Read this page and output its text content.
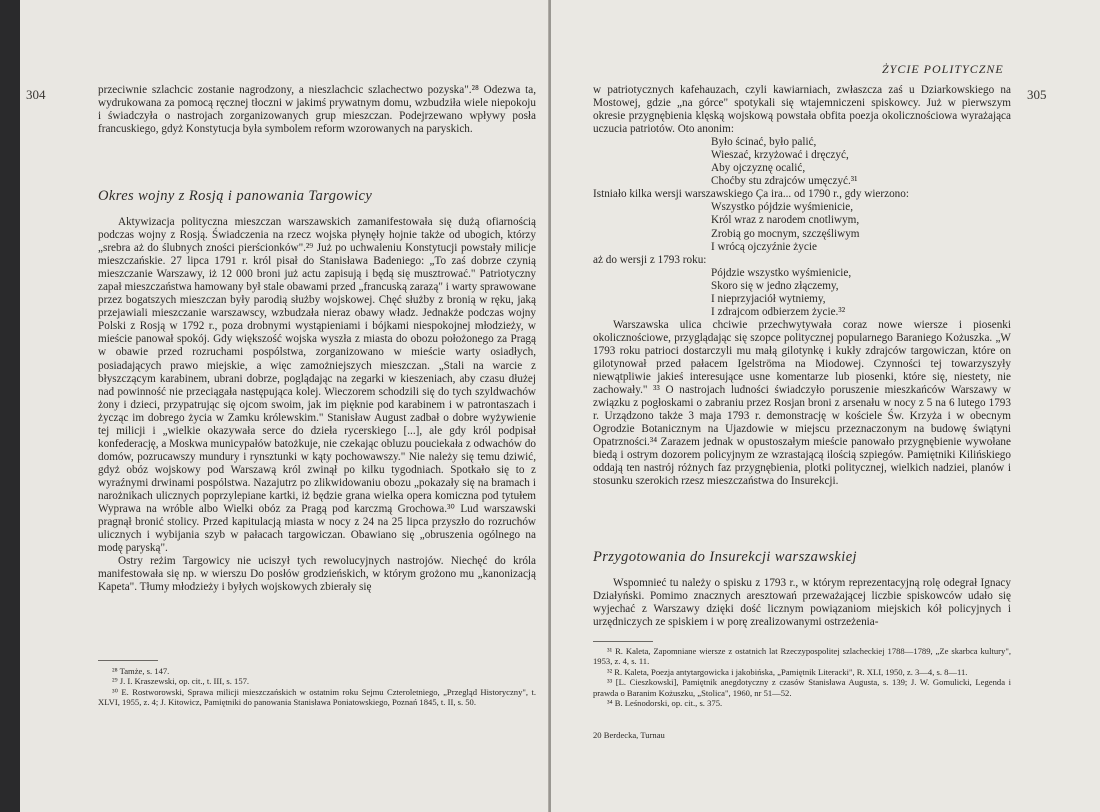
304	przeciwnie szlachcic zostanie nagrodzony, a nieszlachcic szlachectwo pozyska".²⁸ Odezwa ta, wydrukowana za pomocą ręcznej tłoczni w jakimś prywatnym domu, wzbudziła wiele niepokoju i świadczyła o nastrojach zorganizowanych grup mieszczan. Podejrzewano wpływy posła francuskiego, gdyż Konstytucja była symbolem reform wzorowanych na paryskich.

Okres wojny z Rosją i panowania Targowicy

Aktywizacja polityczna mieszczan warszawskich zamanifestowała się dużą ofiarnością podczas wojny z Rosją. Świadczenia na rzecz wojska płynęły hojnie także od ubogich, którzy „srebra aż do ślubnych zności pierścionków".²⁹ Już po uchwaleniu Konstytucji powstały milicje mieszczańskie. 27 lipca 1791 r. król pisał do Stanisława Badeniego: „To zaś dobrze czynią mieszczanie Warszawy, iż 12 000 broni już actu zapisują i będą się musztrować." Patriotyczny zapał mieszczaństwa hamowany był stale obawami przed „francuską zarazą" i warty sprawowane przez bogatszych mieszczan były parodią służby wojskowej. Chęć służby z bronią w ręku, jaką przejawiali mieszczanie warszawscy, wzbudzała nieraz obawy władz. Jednakże podczas wojny Polski z Rosją w 1792 r., poza drobnymi wystąpieniami i bójkami niespokojnej młodzieży, w mieście panował spokój. Gdy większość wojska wyszła z miasta do obozu położonego za Pragą w obawie przed rozruchami pospólstwa, zorganizowano w mieście warty osiadłych, posiadających prawo miejskie, a więc zamożniejszych mieszczan. „Stali na warcie z błyszczącym karabinem, ubrani dobrze, poglądając na zegarki w kieszeniach, aby czasu dłużej nad powinność nie przeciągała następująca kolej. Wieczorem schodzili się do tych szyldwachów żony i dzieci, przypatrując się ojcom swoim, jak im pięknie pod karabinem i w patrontaszach i życząc im dobrego życia w Zamku królewskim." Stanisław August zadbał o dobre wyżywienie tej milicji i „wielkie okazywała serce do dzieła rycerskiego [...], ale gdy król podpisał konfederację, a Moskwa municypałów batożkuje, nie czekając obluzu pouciekała z odwachów do domów, pozrucawszy mundury i rynsztunki w kąty pochowawszy." Nie należy się temu dziwić, gdyż obóz wojskowy pod Warszawą król zwinął po kilku tygodniach. Spotkało się to z wyraźnymi drwinami pospólstwa. Nazajutrz po zlikwidowaniu obozu „pokazały się na bramach i narożnikach ulicznych poprzylepiane kartki, iż będzie grana wielka opera komiczna pod tytułem Wyprawa na wróble albo Wielki obóz za Pragą pod karczmą Grochowa.³⁰ Lud warszawski pragnął bronić stolicy. Przed kapitulacją miasta w nocy z 24 na 25 lipca przyszło do rozruchów ulicznych i wybijania szyb w pałacach targowiczan. Obawiano się „obruszenia ogólnego na modę paryską".

Ostry reżim Targowicy nie uciszył tych rewolucyjnych nastrojów. Niechęć do króla manifestowała się np. w wierszu Do posłów grodzieńskich, w którym grożono mu „kanonizacją Kapeta". Tłumy młodzieży i byłych wojskowych zbierały się

²⁸ Tamże, s. 147.

²⁹ J. I. Kraszewski, op. cit., t. III, s. 157.

³⁰ E. Rostworowski, Sprawa milicji mieszczańskich w ostatnim roku Sejmu Czteroletniego, „Przegląd Historyczny", t. XLVI, 1955, z. 4; J. Kitowicz, Pamiętniki do panowania Stanisława Poniatowskiego, Poznań 1845, t. II, s. 50.

ŻYCIE POLITYCZNE
305

w patriotycznych kafehauzach, czyli kawiarniach, zwłaszcza zaś u Dziarkowskiego na Mostowej, gdzie „na górce" spotykali się wtajemniczeni spiskowcy. Już w pierwszym okresie przygnębienia klęską wojskową powstała obfita poezja okolicznościowa wyrażająca uczucia patriotów. Oto anonim:

Było ścinać, było palić,
Wieszać, krzyżować i dręczyć,
Aby ojczyznę ocalić,
Choćby stu zdrajców umęczyć.³¹

Istniało kilka wersji warszawskiego Ça ira... od 1790 r., gdy wierzono:

Wszystko pójdzie wyśmienicie,
Król wraz z narodem cnotliwym,
Zrobią go mocnym, szczęśliwym
I wrócą ojczyźnie życie

aż do wersji z 1793 roku:

Pójdzie wszystko wyśmienicie,
Skoro się w jedno złączemy,
I nieprzyjaciół wytniemy,
I zdrajcom odbierzem życie.³²

Warszawska ulica chciwie przechwytywała coraz nowe wiersze i piosenki okolicznościowe, przyglądając się szopce politycznej popularnego Baraniego Kożuszka. „W 1793 roku patrioci dostarczyli mu małą gilotynkę i kukły zdrajców targowiczan, które on gilotynował przed pałacem Igelströma na Miodowej. Czynności tej towarzyszyły niewątpliwie jakieś interesujące usne komentarze lub piosenki, które się, niestety, nie zachowały." ³³ O nastrojach ludności świadczyło poruszenie mieszkańców Warszawy w związku z pogłoskami o zabraniu przez Rosjan broni z arsenału w nocy z 5 na 6 lutego 1793 r. Urządzono także 3 maja 1793 r. demonstrację w kościele Św. Krzyża i w obecnym Ogrodzie Botanicznym na Ujazdowie w miejscu przeznaczonym na budowę świątyni Opatrzności.³⁴ Zarazem jednak w opustoszałym mieście panowało przygnębienie wywołane biedą i ostrym dozorem policyjnym ze wzrastającą ilością szpiegów. Pamiętniki Kilińskiego oddają ten nastrój różnych faz przygnębienia, plotki politycznej, wielkich nadziei, planów i stosunku szerokich rzesz mieszczaństwa do Insurekcji.

Przygotowania do Insurekcji warszawskiej

Wspomnieć tu należy o spisku z 1793 r., w którym reprezentacyjną rolę odegrał Ignacy Działyński. Pomimo znacznych aresztowań przeważającej liczbie spiskowców udało się wyjechać z Warszawy dzięki dość licznym powiązaniom miejskich kół policyjnych i urzędniczych ze spiskiem i w porę zrealizowanymi ostrzeżenia-

³¹ R. Kaleta, Zapomniane wiersze z ostatnich lat Rzeczypospolitej szlacheckiej 1788—1789, „Ze skarbca kultury", 1953, z. 4, s. 11.

³² R. Kaleta, Poezja antytargowicka i jakobińska, „Pamiętnik Literacki", R. XLI, 1950, z. 3—4, s. 8—11.

³³ [L. Cieszkowski], Pamiętnik anegdotyczny z czasów Stanisława Augusta, s. 139; J. W. Gomulicki, Legenda i prawda o Baranim Kożuszku, „Stolica", 1960, nr 51—52.

³⁴ B. Leśnodorski, op. cit., s. 375.

20 Berdecka, Turnau
